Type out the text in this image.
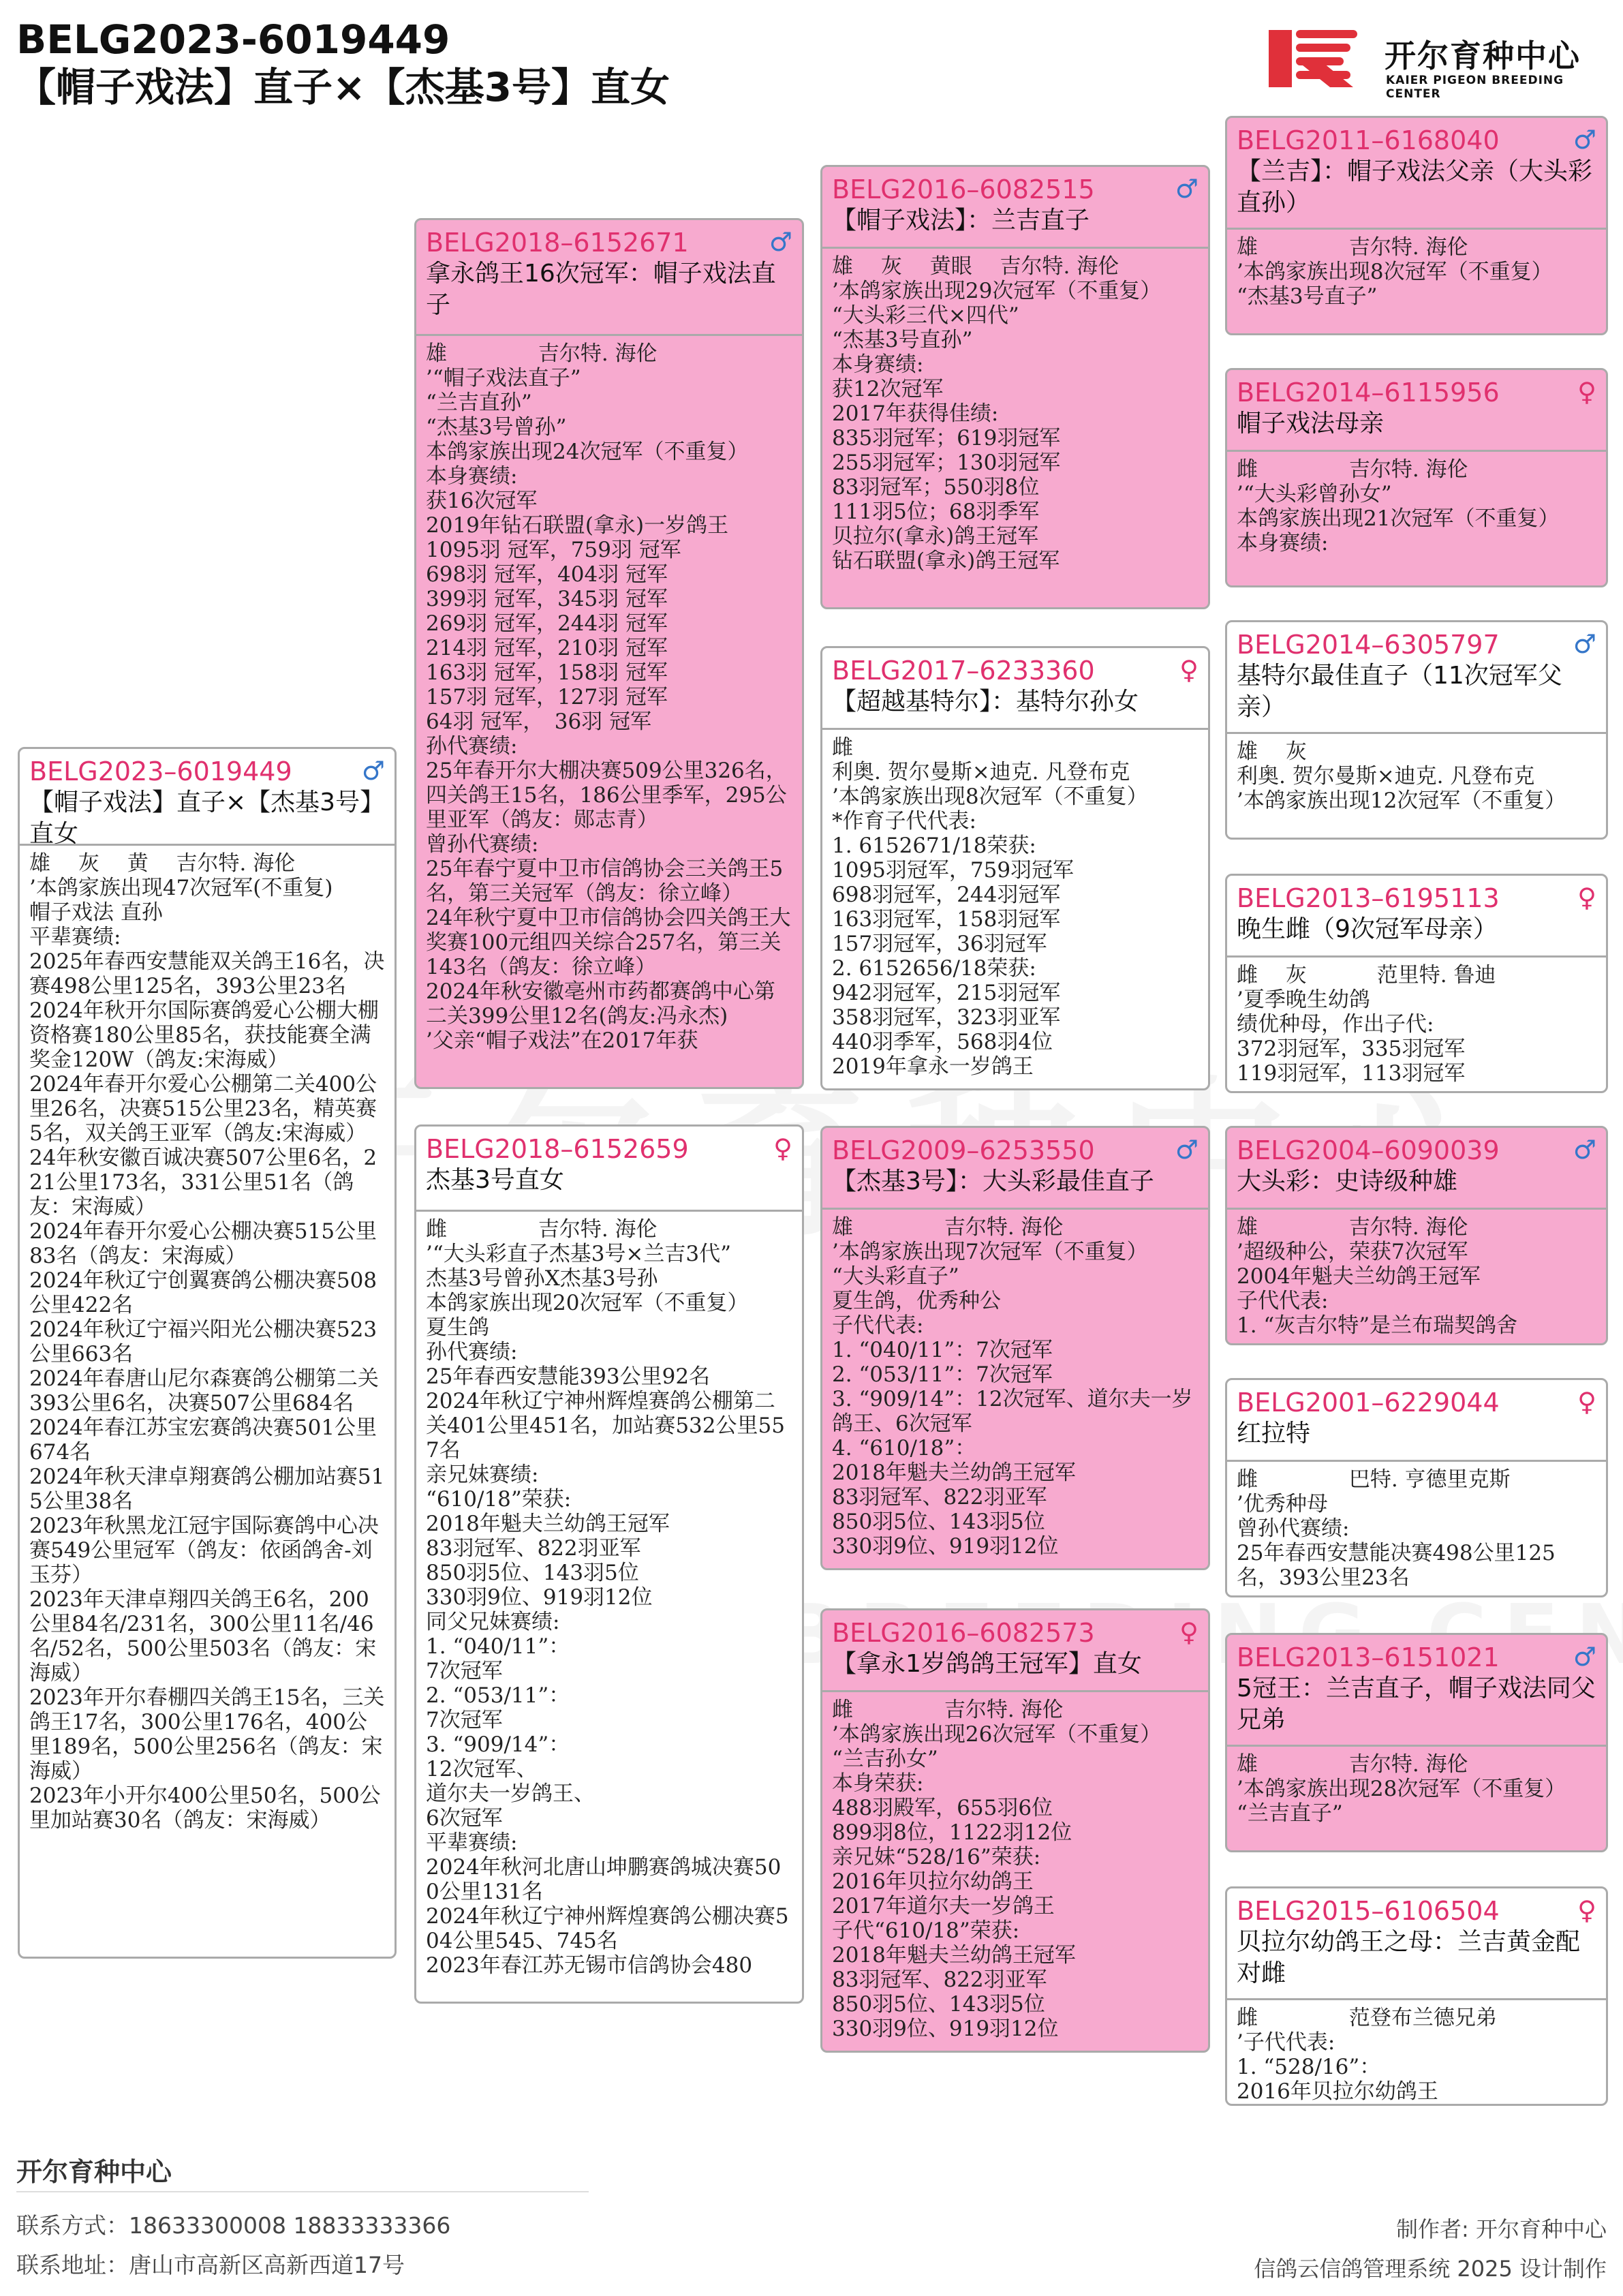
BELG2023-6019449
【帽子戏法】直子×【杰基3号】直女
开尔育种中心
KAIER PIGEON BREEDING CENTER
BELG2023–6019449
【帽子戏法】直子×【杰基3号】直女
♂
雄　 灰　 黄　 吉尔特. 海伦
’本鸽家族出现47次冠军(不重复)
帽子戏法 直孙
平辈赛绩:
2025年春西安慧能双关鸽王16名，决赛498公里125名，393公里23名
2024年秋开尔国际赛鸽爱心公棚大棚资格赛180公里85名，获技能赛全满奖金120W（鸽友:宋海威）
2024年春开尔爱心公棚第二关400公里26名，决赛515公里23名，精英赛5名，双关鸽王亚军（鸽友:宋海威）
24年秋安徽百诚决赛507公里6名，221公里173名，331公里51名（鸽友：宋海威）
2024年春开尔爱心公棚决赛515公里83名（鸽友：宋海威）
2024年秋辽宁创翼赛鸽公棚决赛508公里422名
2024年秋辽宁福兴阳光公棚决赛523公里663名
2024年春唐山尼尔森赛鸽公棚第二关393公里6名，决赛507公里684名
2024年春江苏宝宏赛鸽决赛501公里674名
2024年秋天津卓翔赛鸽公棚加站赛515公里38名
2023年秋黑龙江冠宇国际赛鸽中心决赛549公里冠军（鸽友：依函鸽舍-刘玉芬）
2023年天津卓翔四关鸽王6名，200公里84名/231名，300公里11名/46名/52名，500公里503名（鸽友：宋海威）
2023年开尔春棚四关鸽王15名，三关鸽王17名，300公里176名，400公里189名，500公里256名（鸽友：宋海威）
2023年小开尔400公里50名，500公里加站赛30名（鸽友：宋海威）
BELG2018–6152671
拿永鸽王16次冠军：帽子戏法直子
♂
雄　　　　 吉尔特. 海伦
’“帽子戏法直子”
“兰吉直孙”
“杰基3号曾孙”
本鸽家族出现24次冠军（不重复）
本身赛绩:
获16次冠军
2019年钻石联盟(拿永)一岁鸽王
1095羽 冠军，759羽 冠军
698羽 冠军，404羽 冠军
399羽 冠军，345羽 冠军
269羽 冠军，244羽 冠军
214羽 冠军，210羽 冠军
163羽 冠军，158羽 冠军
157羽 冠军，127羽 冠军
64羽 冠军，　36羽 冠军
孙代赛绩:
25年春开尔大棚决赛509公里326名，四关鸽王15名，186公里季军，295公里亚军（鸽友：郧志青）
曾孙代赛绩:
25年春宁夏中卫市信鸽协会三关鸽王5名，第三关冠军（鸽友：徐立峰）
24年秋宁夏中卫市信鸽协会四关鸽王大奖赛100元组四关综合257名，第三关143名（鸽友：徐立峰）
2024年秋安徽亳州市药都赛鸽中心第二关399公里12名(鸽友:冯永杰)
’父亲“帽子戏法”在2017年获
BELG2018–6152659
杰基3号直女
♀
雌　　　　 吉尔特. 海伦
’“大头彩直子杰基3号×兰吉3代”
杰基3号曾孙X杰基3号孙
本鸽家族出现20次冠军（不重复）
夏生鸽
孙代赛绩:
25年春西安慧能393公里92名
2024年秋辽宁神州辉煌赛鸽公棚第二关401公里451名，加站赛532公里557名
亲兄妹赛绩:
“610/18”荣获:
2018年魁夫兰幼鸽王冠军
83羽冠军、822羽亚军
850羽5位、143羽5位
330羽9位、919羽12位
同父兄妹赛绩:
1. “040/11”：
7次冠军
2. “053/11”：
7次冠军
3. “909/14”：
12次冠军、
道尔夫一岁鸽王、
6次冠军
平辈赛绩:
2024年秋河北唐山坤鹏赛鸽城决赛500公里131名
2024年秋辽宁神州辉煌赛鸽公棚决赛504公里545、745名
2023年春江苏无锡市信鸽协会480
BELG2016–6082515
【帽子戏法】：兰吉直子
♂
雄　 灰　 黄眼　 吉尔特. 海伦
’本鸽家族出现29次冠军（不重复）
“大头彩三代×四代”
“杰基3号直孙”
本身赛绩:
获12次冠军
2017年获得佳绩:
835羽冠军；619羽冠军
255羽冠军；130羽冠军
83羽冠军；550羽8位
111羽5位；68羽季军
贝拉尔(拿永)鸽王冠军
钻石联盟(拿永)鸽王冠军
BELG2017–6233360
【超越基特尔】：基特尔孙女
♀
雌
利奥. 贺尔曼斯×迪克. 凡登布克
’本鸽家族出现8次冠军（不重复）
*作育子代代表:
1. 6152671/18荣获:
1095羽冠军，759羽冠军
698羽冠军，244羽冠军
163羽冠军，158羽冠军
157羽冠军，36羽冠军
2. 6152656/18荣获:
942羽冠军，215羽冠军
358羽冠军，323羽亚军
440羽季军，568羽4位
2019年拿永一岁鸽王
BELG2009–6253550
【杰基3号】：大头彩最佳直子
♂
雄　　　　 吉尔特. 海伦
’本鸽家族出现7次冠军（不重复）
“大头彩直子”
夏生鸽，优秀种公
子代代表:
1. “040/11”：7次冠军
2. “053/11”：7次冠军
3. “909/14”：12次冠军、道尔夫一岁鸽王、6次冠军
4. “610/18”：
2018年魁夫兰幼鸽王冠军
83羽冠军、822羽亚军
850羽5位、143羽5位
330羽9位、919羽12位
BELG2016–6082573
【拿永1岁鸽鸽王冠军】直女
♀
雌　　　　 吉尔特. 海伦
’本鸽家族出现26次冠军（不重复）
“兰吉孙女”
本身荣获:
488羽殿军，655羽6位
899羽8位，1122羽12位
亲兄妹“528/16”荣获:
2016年贝拉尔幼鸽王
2017年道尔夫一岁鸽王
子代“610/18”荣获:
2018年魁夫兰幼鸽王冠军
83羽冠军、822羽亚军
850羽5位、143羽5位
330羽9位、919羽12位
BELG2011–6168040
【兰吉】：帽子戏法父亲（大头彩直孙）
♂
雄　　　　 吉尔特. 海伦
’本鸽家族出现8次冠军（不重复）
“杰基3号直子”
BELG2014–6115956
帽子戏法母亲
♀
雌　　　　 吉尔特. 海伦
’“大头彩曾孙女”
本鸽家族出现21次冠军（不重复）
本身赛绩:
BELG2014–6305797
基特尔最佳直子（11次冠军父亲）
♂
雄　 灰
利奥. 贺尔曼斯×迪克. 凡登布克
’本鸽家族出现12次冠军（不重复）
BELG2013–6195113
晚生雌（9次冠军母亲）
♀
雌　 灰　　　 范里特. 鲁迪
’夏季晚生幼鸽
绩优种母，作出子代:
372羽冠军，335羽冠军
119羽冠军，113羽冠军
BELG2004–6090039
大头彩：史诗级种雄
♂
雄　　　　 吉尔特. 海伦
’超级种公，荣获7次冠军
2004年魁夫兰幼鸽王冠军
子代代表:
1. “灰吉尔特”是兰布瑞契鸽舍
BELG2001–6229044
红拉特
♀
雌　　　　 巴特. 亨德里克斯
’优秀种母
曾孙代赛绩:
25年春西安慧能决赛498公里125名，393公里23名
BELG2013–6151021
5冠王：兰吉直子，帽子戏法同父兄弟
♂
雄　　　　 吉尔特. 海伦
’本鸽家族出现28次冠军（不重复）
“兰吉直子”
BELG2015–6106504
贝拉尔幼鸽王之母：兰吉黄金配对雌
♀
雌　　　　 范登布兰德兄弟
’子代代表:
1. “528/16”：
2016年贝拉尔幼鸽王
开尔育种中心
联系方式：18633300008 18833333366
联系地址：唐山市高新区高新西道17号
制作者: 开尔育种中心
信鸽云信鸽管理系统 2025 设计制作
